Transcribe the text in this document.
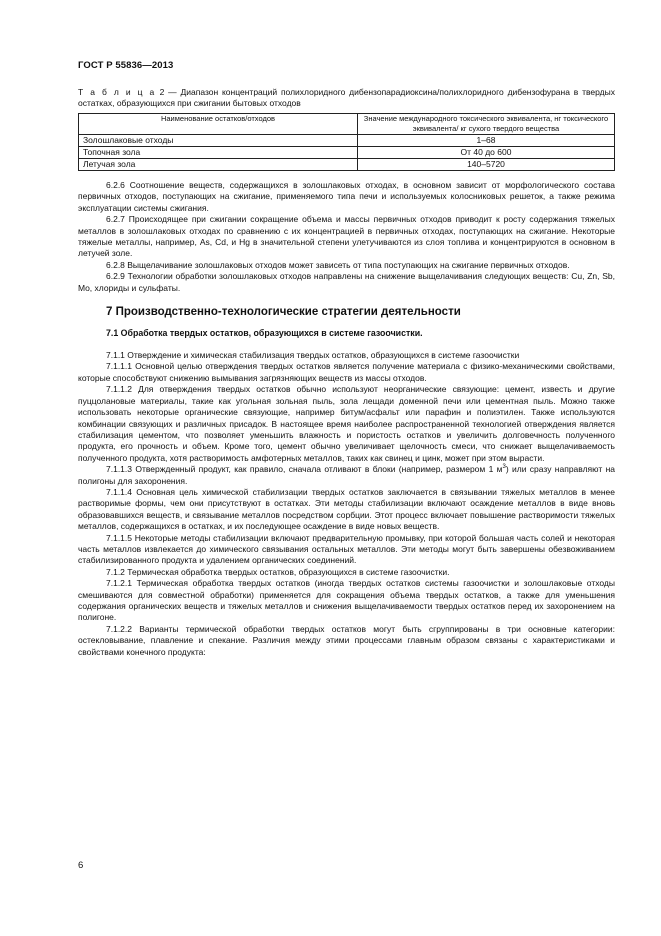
ГОСТ Р 55836—2013
Т а б л и ц а 2 — Диапазон концентраций полихлоридного дибензопарадиоксина/полихлоридного дибензофурана в твердых остатках, образующихся при сжигании бытовых отходов
Наименование остатков/отходов	Значение международного токсического эквивалента, нг токсического эквивалента/ кг сухого твердого вещества
Золошлаковые отходы	1–68
Топочная зола	От 40 до 600
Летучая зола	140–5720

6.2.6 Соотношение веществ, содержащихся в золошлаковых отходах, в основном зависит от морфологического состава первичных отходов, поступающих на сжигание, применяемого типа печи и используемых колосниковых решеток, а также режима эксплуатации системы сжигания.

6.2.7 Происходящее при сжигании сокращение объема и массы первичных отходов приводит к росту содержания тяжелых металлов в золошлаковых отходах по сравнению с их концентрацией в первичных отходах, поступающих на сжигание. Некоторые тяжелые металлы, например, As, Cd, и Hg в значительной степени улетучиваются из слоя топлива и концентрируются в основном в летучей золе.

6.2.8 Выщелачивание золошлаковых отходов может зависеть от типа поступающих на сжигание первичных отходов.

6.2.9 Технологии обработки золошлаковых отходов направлены на снижение выщелачивания следующих веществ: Cu, Zn, Sb, Mo, хлориды и сульфаты.

7 Производственно-технологические стратегии деятельности
7.1 Обработка твердых остатков, образующихся в системе газоочистки.

7.1.1 Отверждение и химическая стабилизация твердых остатков, образующихся в системе газоочистки

7.1.1.1 Основной целью отверждения твердых остатков является получение материала с физико-механическими свойствами, которые способствуют снижению вымывания загрязняющих веществ из массы отходов.

7.1.1.2 Для отверждения твердых остатков обычно используют неорганические связующие: цемент, известь и другие пуццолановые материалы, такие как угольная зольная пыль, зола лещади доменной печи или цементная пыль. Можно также использовать некоторые органические связующие, например битум/асфальт или парафин и полиэтилен. Также используются комбинации связующих и различных присадок. В настоящее время наиболее распространенной технологией отверждения является стабилизация цементом, что позволяет уменьшить влажность и пористость остатков и увеличить долговечность полученного продукта, его прочность и объем. Кроме того, цемент обычно увеличивает щелочность смеси, что снижает выщелачиваемость полученного продукта, хотя растворимость амфотерных металлов, таких как свинец и цинк, может при этом вырасти.

7.1.1.3 Отвержденный продукт, как правило, сначала отливают в блоки (например, размером 1 $м^3$) или сразу направляют на полигоны для захоронения.

7.1.1.4 Основная цель химической стабилизации твердых остатков заключается в связывании тяжелых металлов в менее растворимые формы, чем они присутствуют в остатках. Эти методы стабилизации включают осаждение металлов в виде вновь образовавшихся веществ, и связывание металлов посредством сорбции. Этот процесс включает повышение растворимости тяжелых металлов, содержащихся в остатках, и их последующее осаждение в виде новых веществ.

7.1.1.5 Некоторые методы стабилизации включают предварительную промывку, при которой большая часть солей и некоторая часть металлов извлекается до химического связывания остальных металлов. Эти методы могут быть завершены обезвоживанием стабилизированного продукта и удалением органических соединений.

7.1.2 Термическая обработка твердых остатков, образующихся в системе газоочистки.

7.1.2.1 Термическая обработка твердых остатков (иногда твердых остатков системы газоочистки и золошлаковые отходы смешиваются для совместной обработки) применяется для сокращения объема твердых остатков, а также для уменьшения содержания органических веществ и тяжелых металлов и снижения выщелачиваемости твердых остатков перед их захоронением на полигоне.

7.1.2.2 Варианты термической обработки твердых остатков могут быть сгруппированы в три основные категории: остекловывание, плавление и спекание. Различия между этими процессами главным образом связаны с характеристиками и свойствами конечного продукта:

6
